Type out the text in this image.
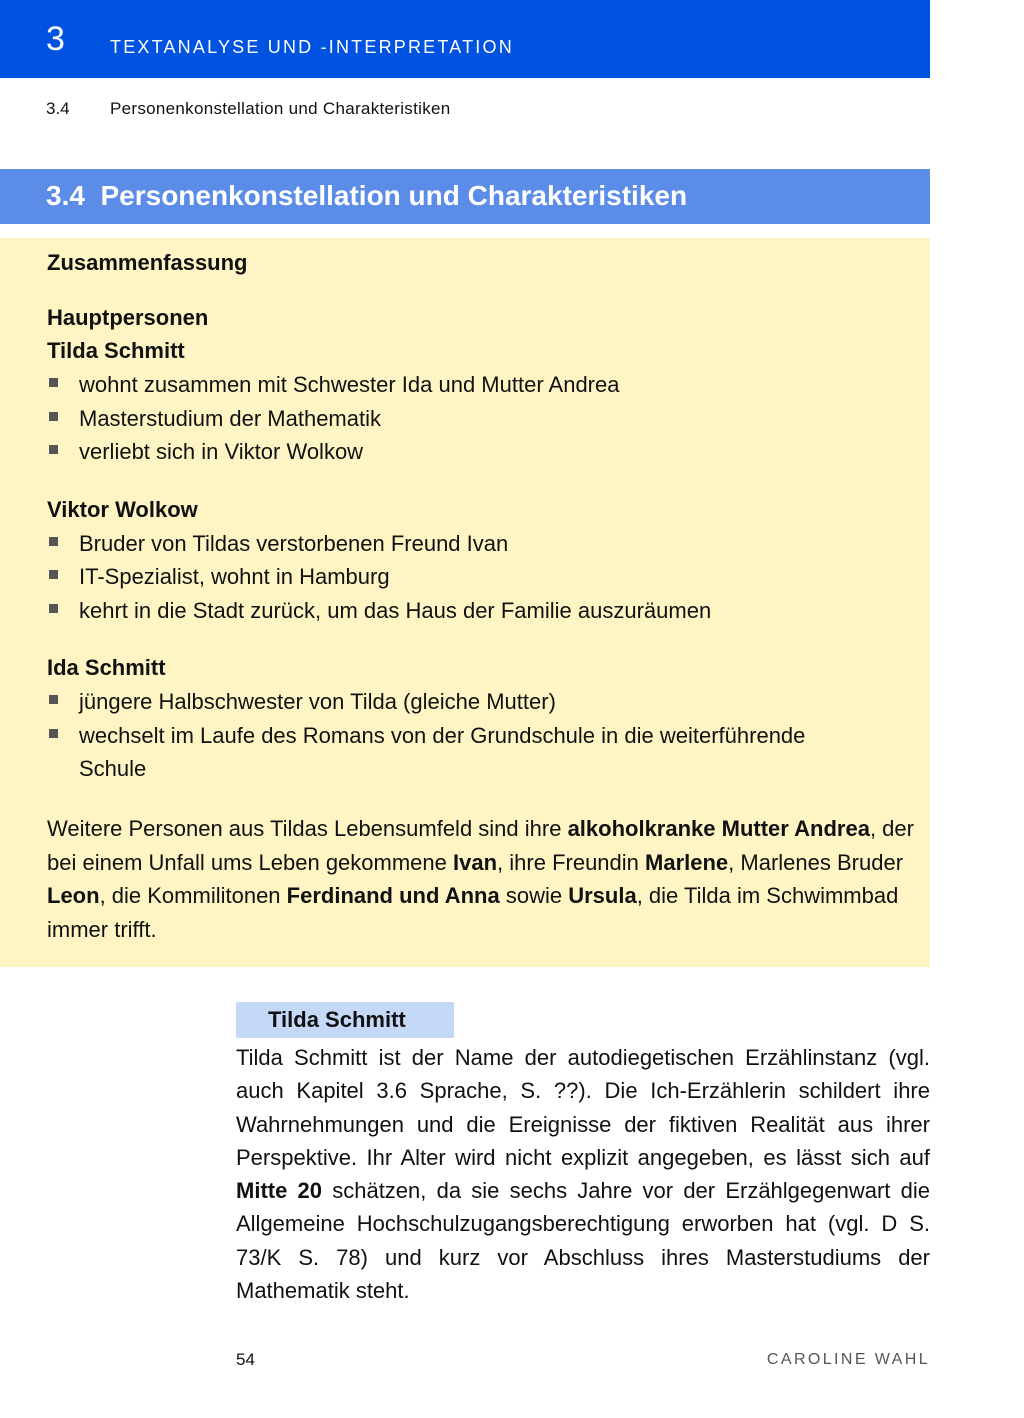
3	TEXTANALYSE UND -INTERPRETATION
3.4 Personenkonstellation und Charakteristiken
3.4  Personenkonstellation und Charakteristiken
Zusammenfassung
Hauptpersonen
Tilda Schmitt
wohnt zusammen mit Schwester Ida und Mutter Andrea
Masterstudium der Mathematik
verliebt sich in Viktor Wolkow
Viktor Wolkow
Bruder von Tildas verstorbenen Freund Ivan
IT-Spezialist, wohnt in Hamburg
kehrt in die Stadt zurück, um das Haus der Familie auszuräumen
Ida Schmitt
jüngere Halbschwester von Tilda (gleiche Mutter)
wechselt im Laufe des Romans von der Grundschule in die weiterführende
Schule
Weitere Personen aus Tildas Lebensumfeld sind ihre alkoholkranke Mutter Andrea, der bei einem Unfall ums Leben gekommene Ivan, ihre Freundin Marlene, Marlenes Bruder Leon, die Kommilitonen Ferdinand und Anna sowie Ursula, die Tilda im Schwimmbad immer trifft.
Tilda Schmitt
Tilda Schmitt ist der Name der autodiegetischen Erzählinstanz (vgl. auch Kapitel 3.6 Sprache, S. ??). Die Ich-Erzählerin schildert ihre Wahrnehmungen und die Ereignisse der fiktiven Realität aus ihrer Perspektive. Ihr Alter wird nicht explizit angegeben, es lässt sich auf Mitte 20 schätzen, da sie sechs Jahre vor der Erzählgegenwart die Allgemeine Hochschulzugangsberechtigung erworben hat (vgl. D S. 73/K S. 78) und kurz vor Abschluss ihres Masterstudiums der Mathematik steht.
54	CAROLINE WAHL
